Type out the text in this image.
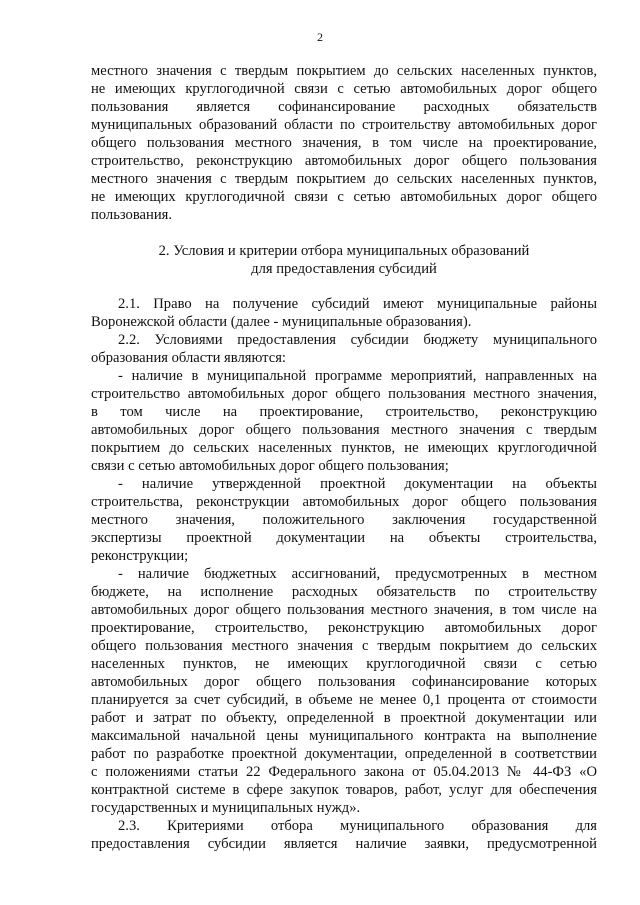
2
местного значения с твердым покрытием до сельских населенных пунктов,
не имеющих круглогодичной связи с сетью автомобильных дорог общего
пользования является софинансирование расходных обязательств
муниципальных образований области по строительству автомобильных дорог
общего пользования местного значения, в том числе на проектирование,
строительство, реконструкцию автомобильных дорог общего пользования
местного значения с твердым покрытием до сельских населенных пунктов,
не имеющих круглогодичной связи с сетью автомобильных дорог общего
пользования.
2. Условия и критерии отбора муниципальных образований
для предоставления субсидий
2.1. Право на получение субсидий имеют муниципальные районы
Воронежской области (далее - муниципальные образования).
2.2. Условиями предоставления субсидии бюджету муниципального
образования области являются:
- наличие в муниципальной программе мероприятий, направленных на
строительство автомобильных дорог общего пользования местного значения,
в том числе на проектирование, строительство, реконструкцию
автомобильных дорог общего пользования местного значения с твердым
покрытием до сельских населенных пунктов, не имеющих круглогодичной
связи с сетью автомобильных дорог общего пользования;
- наличие утвержденной проектной документации на объекты
строительства, реконструкции автомобильных дорог общего пользования
местного значения, положительного заключения государственной
экспертизы проектной документации на объекты строительства,
реконструкции;
- наличие бюджетных ассигнований, предусмотренных в местном
бюджете, на исполнение расходных обязательств по строительству
автомобильных дорог общего пользования местного значения, в том числе на
проектирование, строительство, реконструкцию автомобильных дорог
общего пользования местного значения с твердым покрытием до сельских
населенных пунктов, не имеющих круглогодичной связи с сетью
автомобильных дорог общего пользования софинансирование которых
планируется за счет субсидий, в объеме не менее 0,1 процента от стоимости
работ и затрат по объекту, определенной в проектной документации или
максимальной начальной цены муниципального контракта на выполнение
работ по разработке проектной документации, определенной в соответствии
с положениями статьи 22 Федерального закона от 05.04.2013 № 44-ФЗ «О
контрактной системе в сфере закупок товаров, работ, услуг для обеспечения
государственных и муниципальных нужд».
2.3. Критериями отбора муниципального образования для
предоставления субсидии является наличие заявки, предусмотренной
